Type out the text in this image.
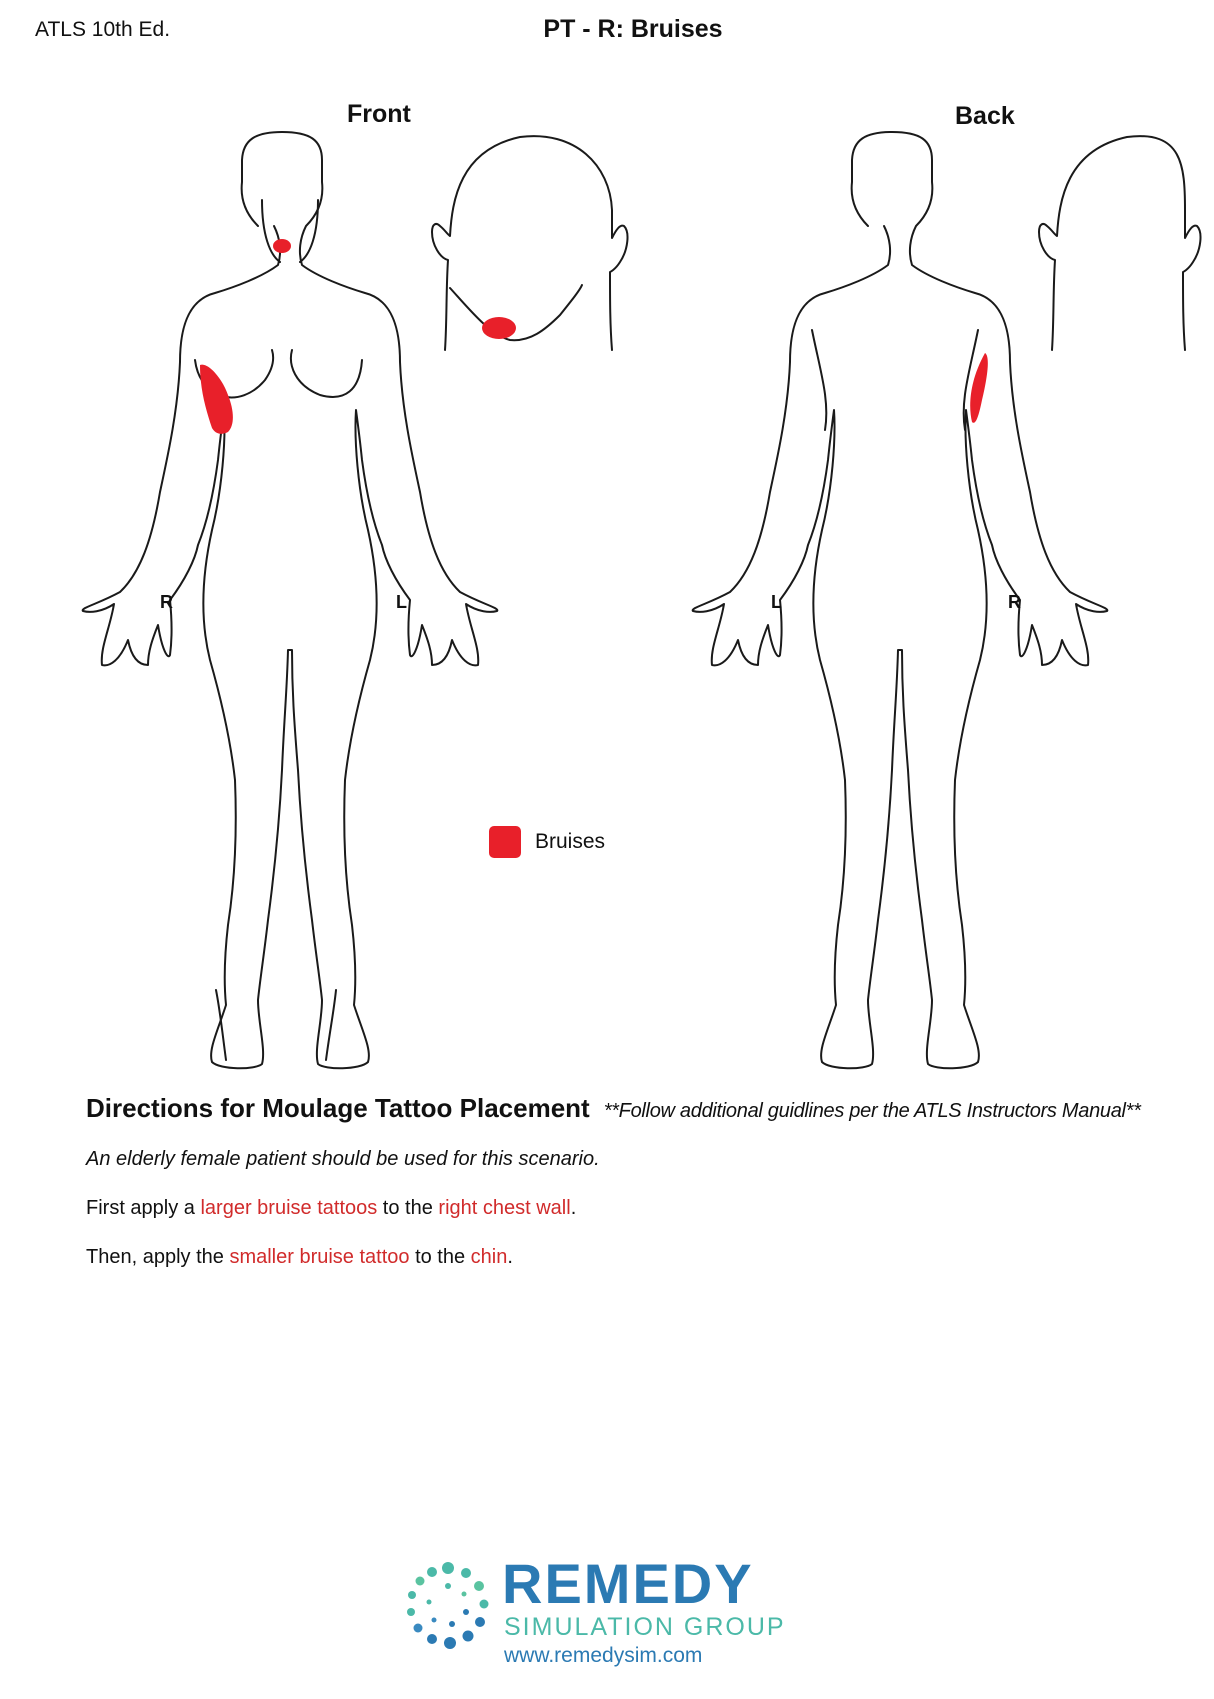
ATLS 10th Ed.	PT - R: Bruises
Front	Back
R	L	L	R
Bruises
Directions for Moulage Tattoo Placement **Follow additional guidlines per the ATLS Instructors Manual**
An elderly female patient should be used for this scenario.
First apply a larger bruise tattoos to the right chest wall.
Then, apply the smaller bruise tattoo to the chin.
REMEDY
SIMULATION GROUP
www.remedysim.com
